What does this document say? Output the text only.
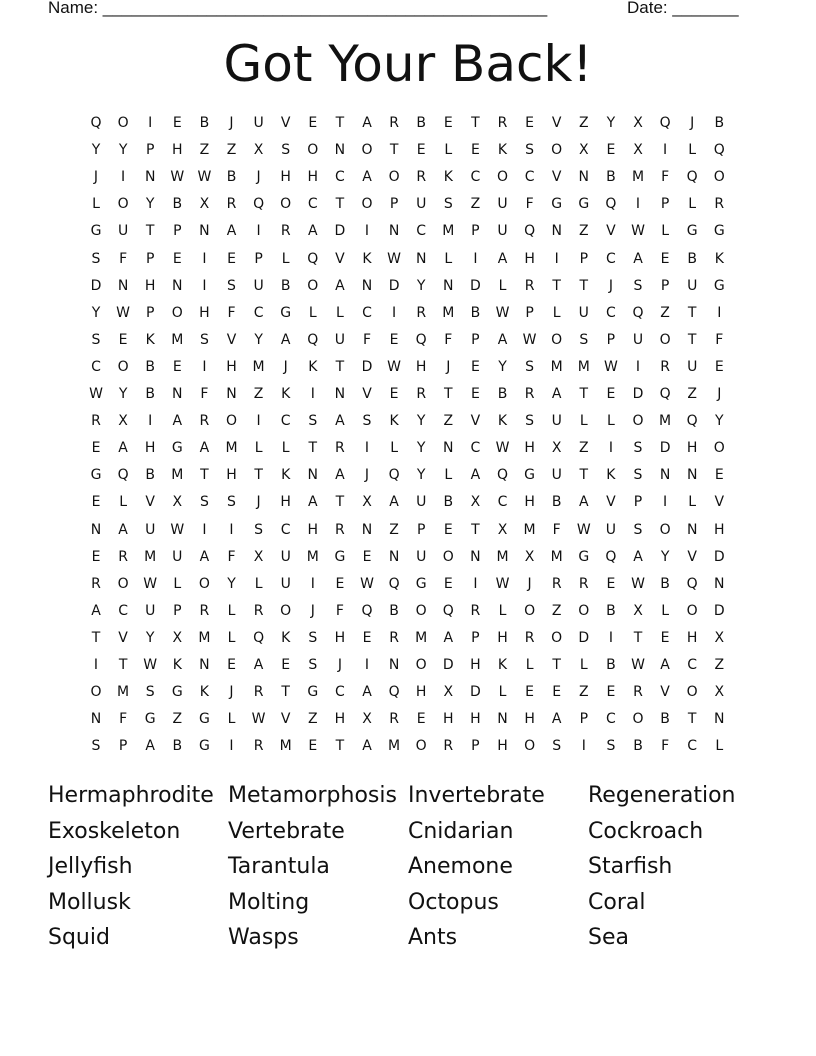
Name: _______________________________________________	Date: _______
Got Your Back!
Q	O	I	E	B	J	U	V	E	T	A	R	B	E	T	R	E	V	Z	Y	X	Q	J	B
Y	Y	P	H	Z	Z	X	S	O	N	O	T	E	L	E	K	S	O	X	E	X	I	L	Q
J	I	N	W W	B	J	H	H	C	A	O	R	K	C	O	C	V	N	B	M	F	Q	O
L	O	Y	B	X	R	Q	O	C	T	O	P	U	S	Z	U	F	G	G	Q	I	P	L	R
G	U	T	P	N	A	I	R	A	D	I	N	C	M	P	U	Q	N	Z	V	W	L	G	G
S	F	P	E	I	E	P	L	Q	V	K	W	N	L	I	A	H	I	P	C	A	E	B	K
D	N	H	N	I	S	U	B	O	A	N	D	Y	N	D	L	R	T	T	J	S	P	U	G
Y	W	P	O	H	F	C	G	L	L	C	I	R	M	B	W	P	L	U	C	Q	Z	T	I
S	E	K	M	S	V	Y	A	Q	U	F	E	Q	F	P	A	W	O	S	P	U	O	T	F
C	O	B	E	I	H	M	J	K	T	D	W	H	J	E	Y	S	M	M	W	I	R	U	E
W	Y	B	N	F	N	Z	K	I	N	V	E	R	T	E	B	R	A	T	E	D	Q	Z	J
R	X	I	A	R	O	I	C	S	A	S	K	Y	Z	V	K	S	U	L	L	O	M	Q	Y
E	A	H	G	A	M	L	L	T	R	I	L	Y	N	C	W	H	X	Z	I	S	D	H	O
G	Q	B	M	T	H	T	K	N	A	J	Q	Y	L	A	Q	G	U	T	K	S	N	N	E
E	L	V	X	S	S	J	H	A	T	X	A	U	B	X	C	H	B	A	V	P	I	L	V
N	A	U	W	I	I	S	C	H	R	N	Z	P	E	T	X	M	F	W	U	S	O	N	H
E	R	M	U	A	F	X	U	M	G	E	N	U	O	N	M	X	M	G	Q	A	Y	V	D
R	O	W	L	O	Y	L	U	I	E	W	Q	G	E	I	W	J	R	R	E	W	B	Q	N
A	C	U	P	R	L	R	O	J	F	Q	B	O	Q	R	L	O	Z	O	B	X	L	O	D
T	V	Y	X	M	L	Q	K	S	H	E	R	M	A	P	H	R	O	D	I	T	E	H	X
I	T	W	K	N	E	A	E	S	J	I	N	O	D	H	K	L	T	L	B	W	A	C	Z
O	M	S	G	K	J	R	T	G	C	A	Q	H	X	D	L	E	E	Z	E	R	V	O	X
N	F	G	Z	G	L	W	V	Z	H	X	R	E	H	H	N	H	A	P	C	O	B	T	N
S	P	A	B	G	I	R	M	E	T	A	M	O	R	P	H	O	S	I	S	B	F	C	L
Hermaphrodite Metamorphosis Invertebrate Regeneration
Exoskeleton Vertebrate	Cnidarian	Cockroach
Jellyfish	Tarantula	Anemone	Starfish
Mollusk	Molting	Octopus	Coral
Squid	Wasps	Ants	Sea
